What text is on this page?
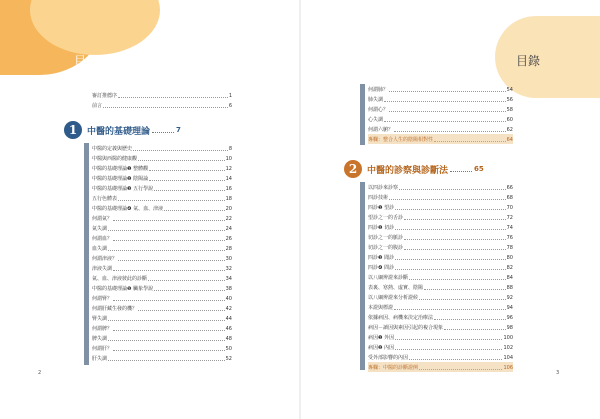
目錄
審訂推薦序	1
前言	6
1	中醫的基礎理論	7
中醫的定義與歷史	8
中醫與西醫的健康觀	10
中醫的基礎理論❶ 整體觀	12
中醫的基礎理論❷ 陰陽論	14
中醫的基礎理論❸ 五行學說	16
五行色體表	18
中醫的基礎理論❹ 氣、血、津液	20
何謂氣？	22
氣失調	24
何謂血？	26
血失調	28
何謂津液？	30
津液失調	32
氣、血、津液彼此的診斷	34
中醫的基礎理論❺ 臟象學說	38
何謂腎？	40
何謂肝藏生發的機？	42
腎失調	44
何謂脾？	46
脾失調	48
何謂肝？	50
肝失調	52
2
目錄
何謂肺？	54
肺失調	56
何謂心？	58
心失調	60
何謂六腑？	62
專欄：整合人生的陰陽相對性	64
2	中醫的診察與診斷法	65
以四診來診察	66
四診技術	68
四診❶ 望診	70
望診之一的舌診	72
四診❷ 切診	74
切診之一的脈診	76
切診之一的腹診	78
四診❸ 聞診	80
四診❹ 問診	82
以八綱辨證來診斷	84
表裏、寒熱、虛實、陰陽	88
以八綱辨證來分析證候	92
本證與標證	94
依據病因、病機來決定治療法	96
病因－讀因與素因引起的複合現象	98
病因❶ 外因	100
病因❷ 內因	102
受外部影響的內因	104
專欄：中醫的診斷證例	106
3
